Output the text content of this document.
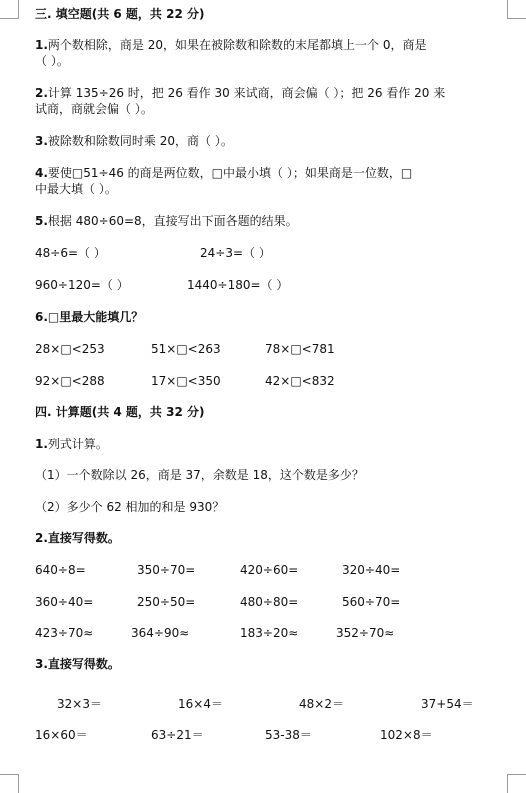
三. 填空题(共 6 题，共 22 分)
1.两个数相除，商是 20，如果在被除数和除数的末尾都填上一个 0，商是
（ ）。
2.计算 135÷26 时，把 26 看作 30 来试商，商会偏（ ）；把 26 看作 20 来
试商，商就会偏（ ）。
3.被除数和除数同时乘 20，商（ ）。
4.要使□51÷46 的商是两位数，□中最小填（ ）；如果商是一位数，□
中最大填（ ）。
5.根据 480÷60=8，直接写出下面各题的结果。
48÷6=（ ）	24÷3=（ ）
960÷120=（ ）	1440÷180=（ ）
6.□里最大能填几？
28×□<253	51×□<263	78×□<781
92×□<288	17×□<350	42×□<832
四. 计算题(共 4 题，共 32 分)
1.列式计算。
（1）一个数除以 26，商是 37，余数是 18，这个数是多少？
（2）多少个 62 相加的和是 930？
2.直接写得数。
640÷8=	350÷70=	420÷60=	320÷40=
360÷40=	250÷50=	480÷80=	560÷70=
423÷70≈	364÷90≈	183÷20≈	352÷70≈
3.直接写得数。
32×3＝	16×4＝	48×2＝	37+54＝
16×60＝	63÷21＝	53-38＝	102×8＝
